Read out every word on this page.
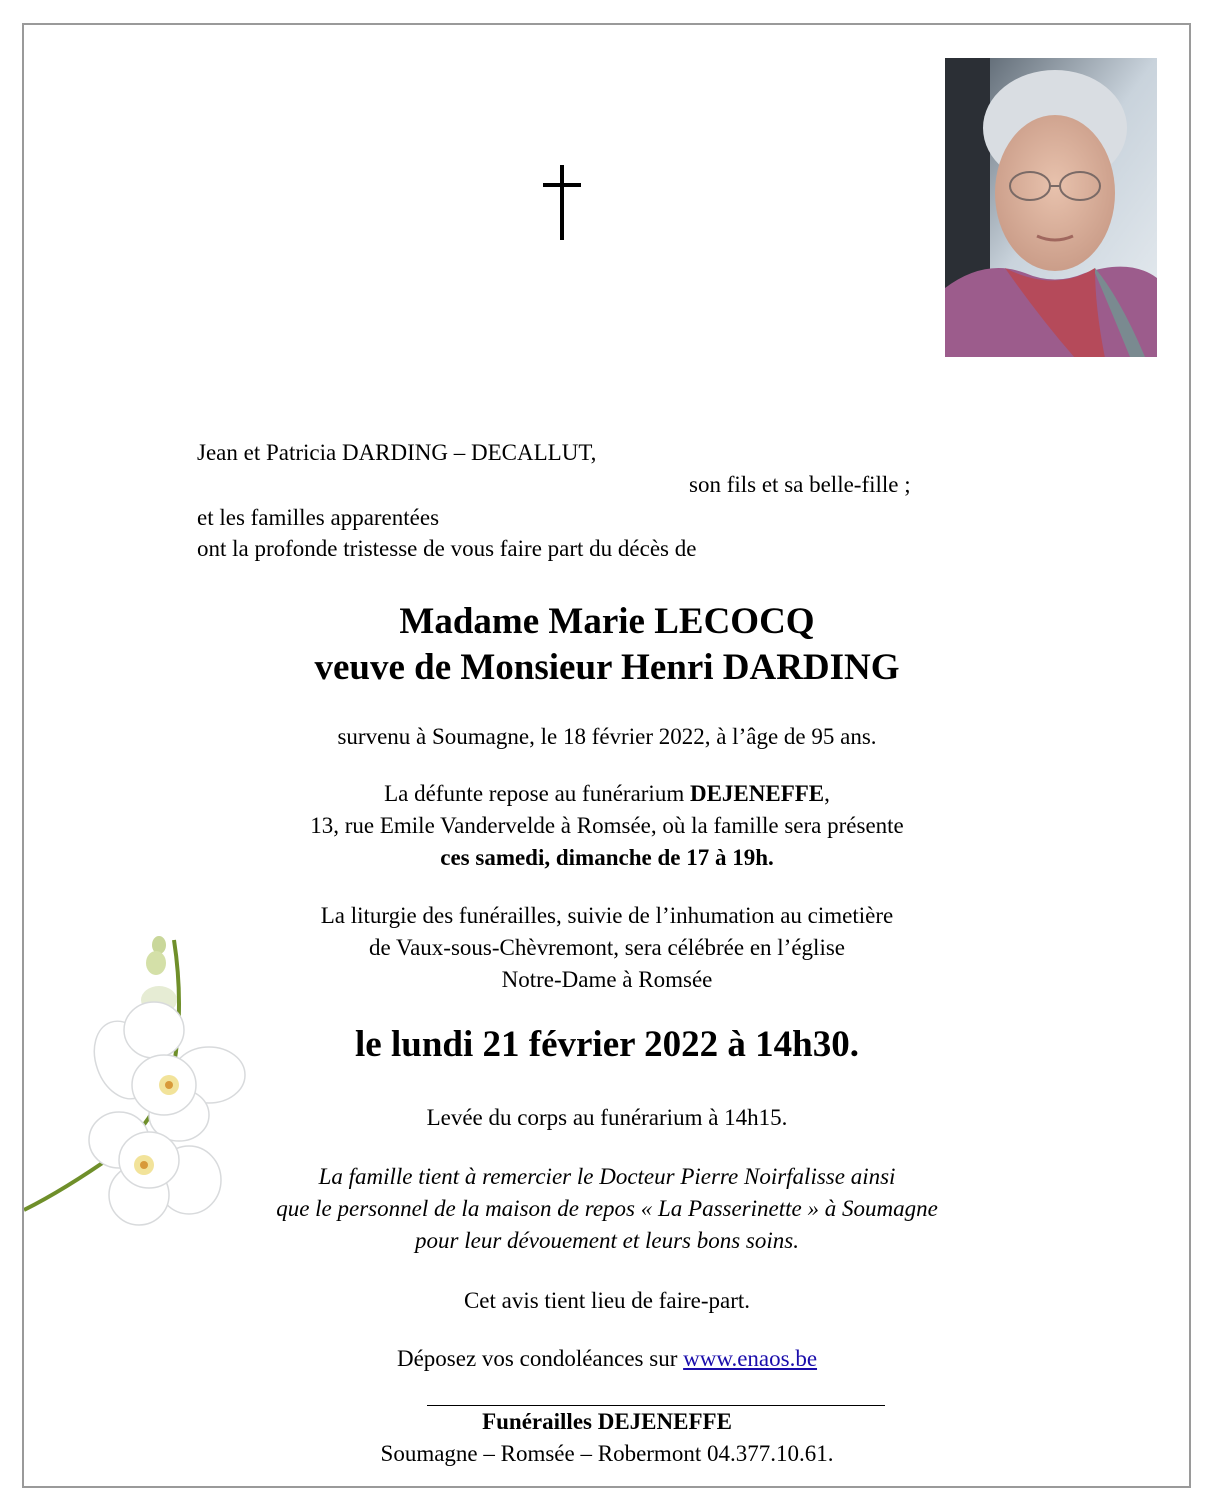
Jean et Patricia DARDING – DECALLUT,
son fils et sa belle-fille ;
et les familles apparentées
ont la profonde tristesse de vous faire part du décès de
Madame Marie LECOCQ
veuve de Monsieur Henri DARDING
survenu à Soumagne, le 18 février 2022, à l’âge de 95 ans.
La défunte repose au funérarium DEJENEFFE,
13, rue Emile Vandervelde à Romsée, où la famille sera présente
ces samedi, dimanche de 17 à 19h.
La liturgie des funérailles, suivie de l’inhumation au cimetière
de Vaux-sous-Chèvremont, sera célébrée en l’église
Notre-Dame à Romsée
le lundi 21 février 2022 à 14h30.
Levée du corps au funérarium à 14h15.
La famille tient à remercier le Docteur Pierre Noirfalisse ainsi
que le personnel de la maison de repos « La Passerinette » à Soumagne
pour leur dévouement et leurs bons soins.
Cet avis tient lieu de faire-part.
Déposez vos condoléances sur www.enaos.be
Funérailles DEJENEFFE
Soumagne – Romsée – Robermont 04.377.10.61.
